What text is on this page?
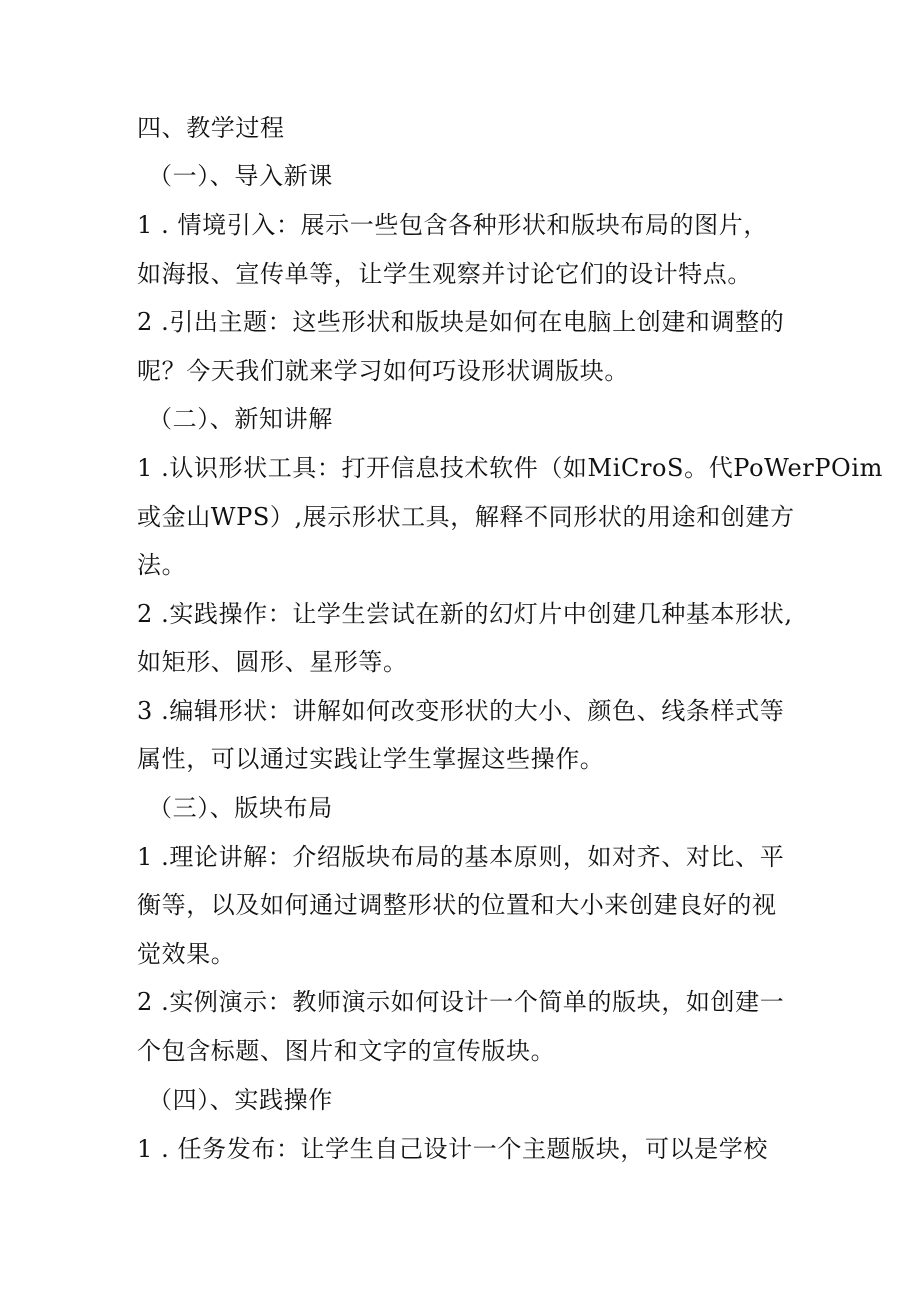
四、教学过程
（一）、导入新课
1 . 情境引入：展示一些包含各种形状和版块布局的图片，
如海报、宣传单等，让学生观察并讨论它们的设计特点。
2 .引出主题：这些形状和版块是如何在电脑上创建和调整的
呢？今天我们就来学习如何巧设形状调版块。
（二）、新知讲解
1 .认识形状工具：打开信息技术软件（如MiCroS。代PoWerPOim
或金山WPS）,展示形状工具，解释不同形状的用途和创建方
法。
2 .实践操作：让学生尝试在新的幻灯片中创建几种基本形状,
如矩形、圆形、星形等。
3 .编辑形状：讲解如何改变形状的大小、颜色、线条样式等
属性，可以通过实践让学生掌握这些操作。
（三）、版块布局
1 .理论讲解：介绍版块布局的基本原则，如对齐、对比、平
衡等，以及如何通过调整形状的位置和大小来创建良好的视
觉效果。
2 .实例演示：教师演示如何设计一个简单的版块，如创建一
个包含标题、图片和文字的宣传版块。
（四）、实践操作
1 . 任务发布：让学生自己设计一个主题版块，可以是学校
